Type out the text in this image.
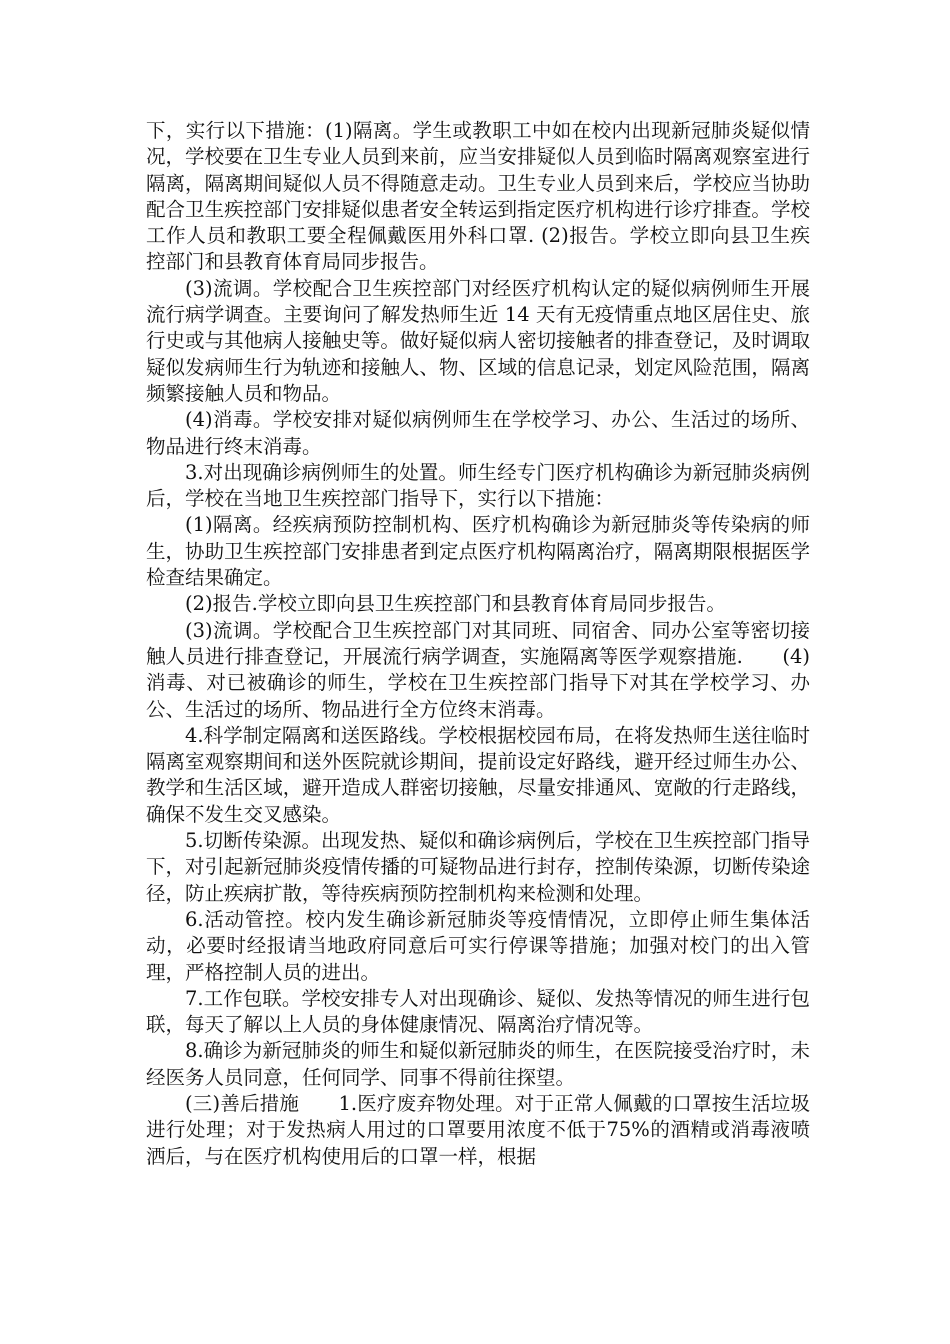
下，实行以下措施：(1)隔离。学生或教职工中如在校内出现新冠肺炎疑似情况，学校要在卫生专业人员到来前，应当安排疑似人员到临时隔离观察室进行隔离，隔离期间疑似人员不得随意走动。卫生专业人员到来后，学校应当协助配合卫生疾控部门安排疑似患者安全转运到指定医疗机构进行诊疗排查。学校工作人员和教职工要全程佩戴医用外科口罩. (2)报告。学校立即向县卫生疾控部门和县教育体育局同步报告。

(3)流调。学校配合卫生疾控部门对经医疗机构认定的疑似病例师生开展流行病学调查。主要询问了解发热师生近 14 天有无疫情重点地区居住史、旅行史或与其他病人接触史等。做好疑似病人密切接触者的排查登记，及时调取疑似发病师生行为轨迹和接触人、物、区域的信息记录，划定风险范围，隔离频繁接触人员和物品。

(4)消毒。学校安排对疑似病例师生在学校学习、办公、生活过的场所、物品进行终末消毒。

3.对出现确诊病例师生的处置。师生经专门医疗机构确诊为新冠肺炎病例后，学校在当地卫生疾控部门指导下，实行以下措施：

(1)隔离。经疾病预防控制机构、医疗机构确诊为新冠肺炎等传染病的师生，协助卫生疾控部门安排患者到定点医疗机构隔离治疗，隔离期限根据医学检查结果确定。

(2)报告.学校立即向县卫生疾控部门和县教育体育局同步报告。

(3)流调。学校配合卫生疾控部门对其同班、同宿舍、同办公室等密切接触人员进行排查登记，开展流行病学调查，实施隔离等医学观察措施.　　(4)消毒、对已被确诊的师生，学校在卫生疾控部门指导下对其在学校学习、办公、生活过的场所、物品进行全方位终末消毒。

4.科学制定隔离和送医路线。学校根据校园布局，在将发热师生送往临时隔离室观察期间和送外医院就诊期间，提前设定好路线，避开经过师生办公、教学和生活区域，避开造成人群密切接触，尽量安排通风、宽敞的行走路线，确保不发生交叉感染。

5.切断传染源。出现发热、疑似和确诊病例后，学校在卫生疾控部门指导下，对引起新冠肺炎疫情传播的可疑物品进行封存，控制传染源，切断传染途径，防止疾病扩散，等待疾病预防控制机构来检测和处理。

6.活动管控。校内发生确诊新冠肺炎等疫情情况，立即停止师生集体活动，必要时经报请当地政府同意后可实行停课等措施；加强对校门的出入管理，严格控制人员的进出。

7.工作包联。学校安排专人对出现确诊、疑似、发热等情况的师生进行包联，每天了解以上人员的身体健康情况、隔离治疗情况等。

8.确诊为新冠肺炎的师生和疑似新冠肺炎的师生，在医院接受治疗时，未经医务人员同意，任何同学、同事不得前往探望。

(三)善后措施　　1.医疗废弃物处理。对于正常人佩戴的口罩按生活垃圾进行处理；对于发热病人用过的口罩要用浓度不低于75%的酒精或消毒液喷洒后，与在医疗机构使用后的口罩一样，根据
